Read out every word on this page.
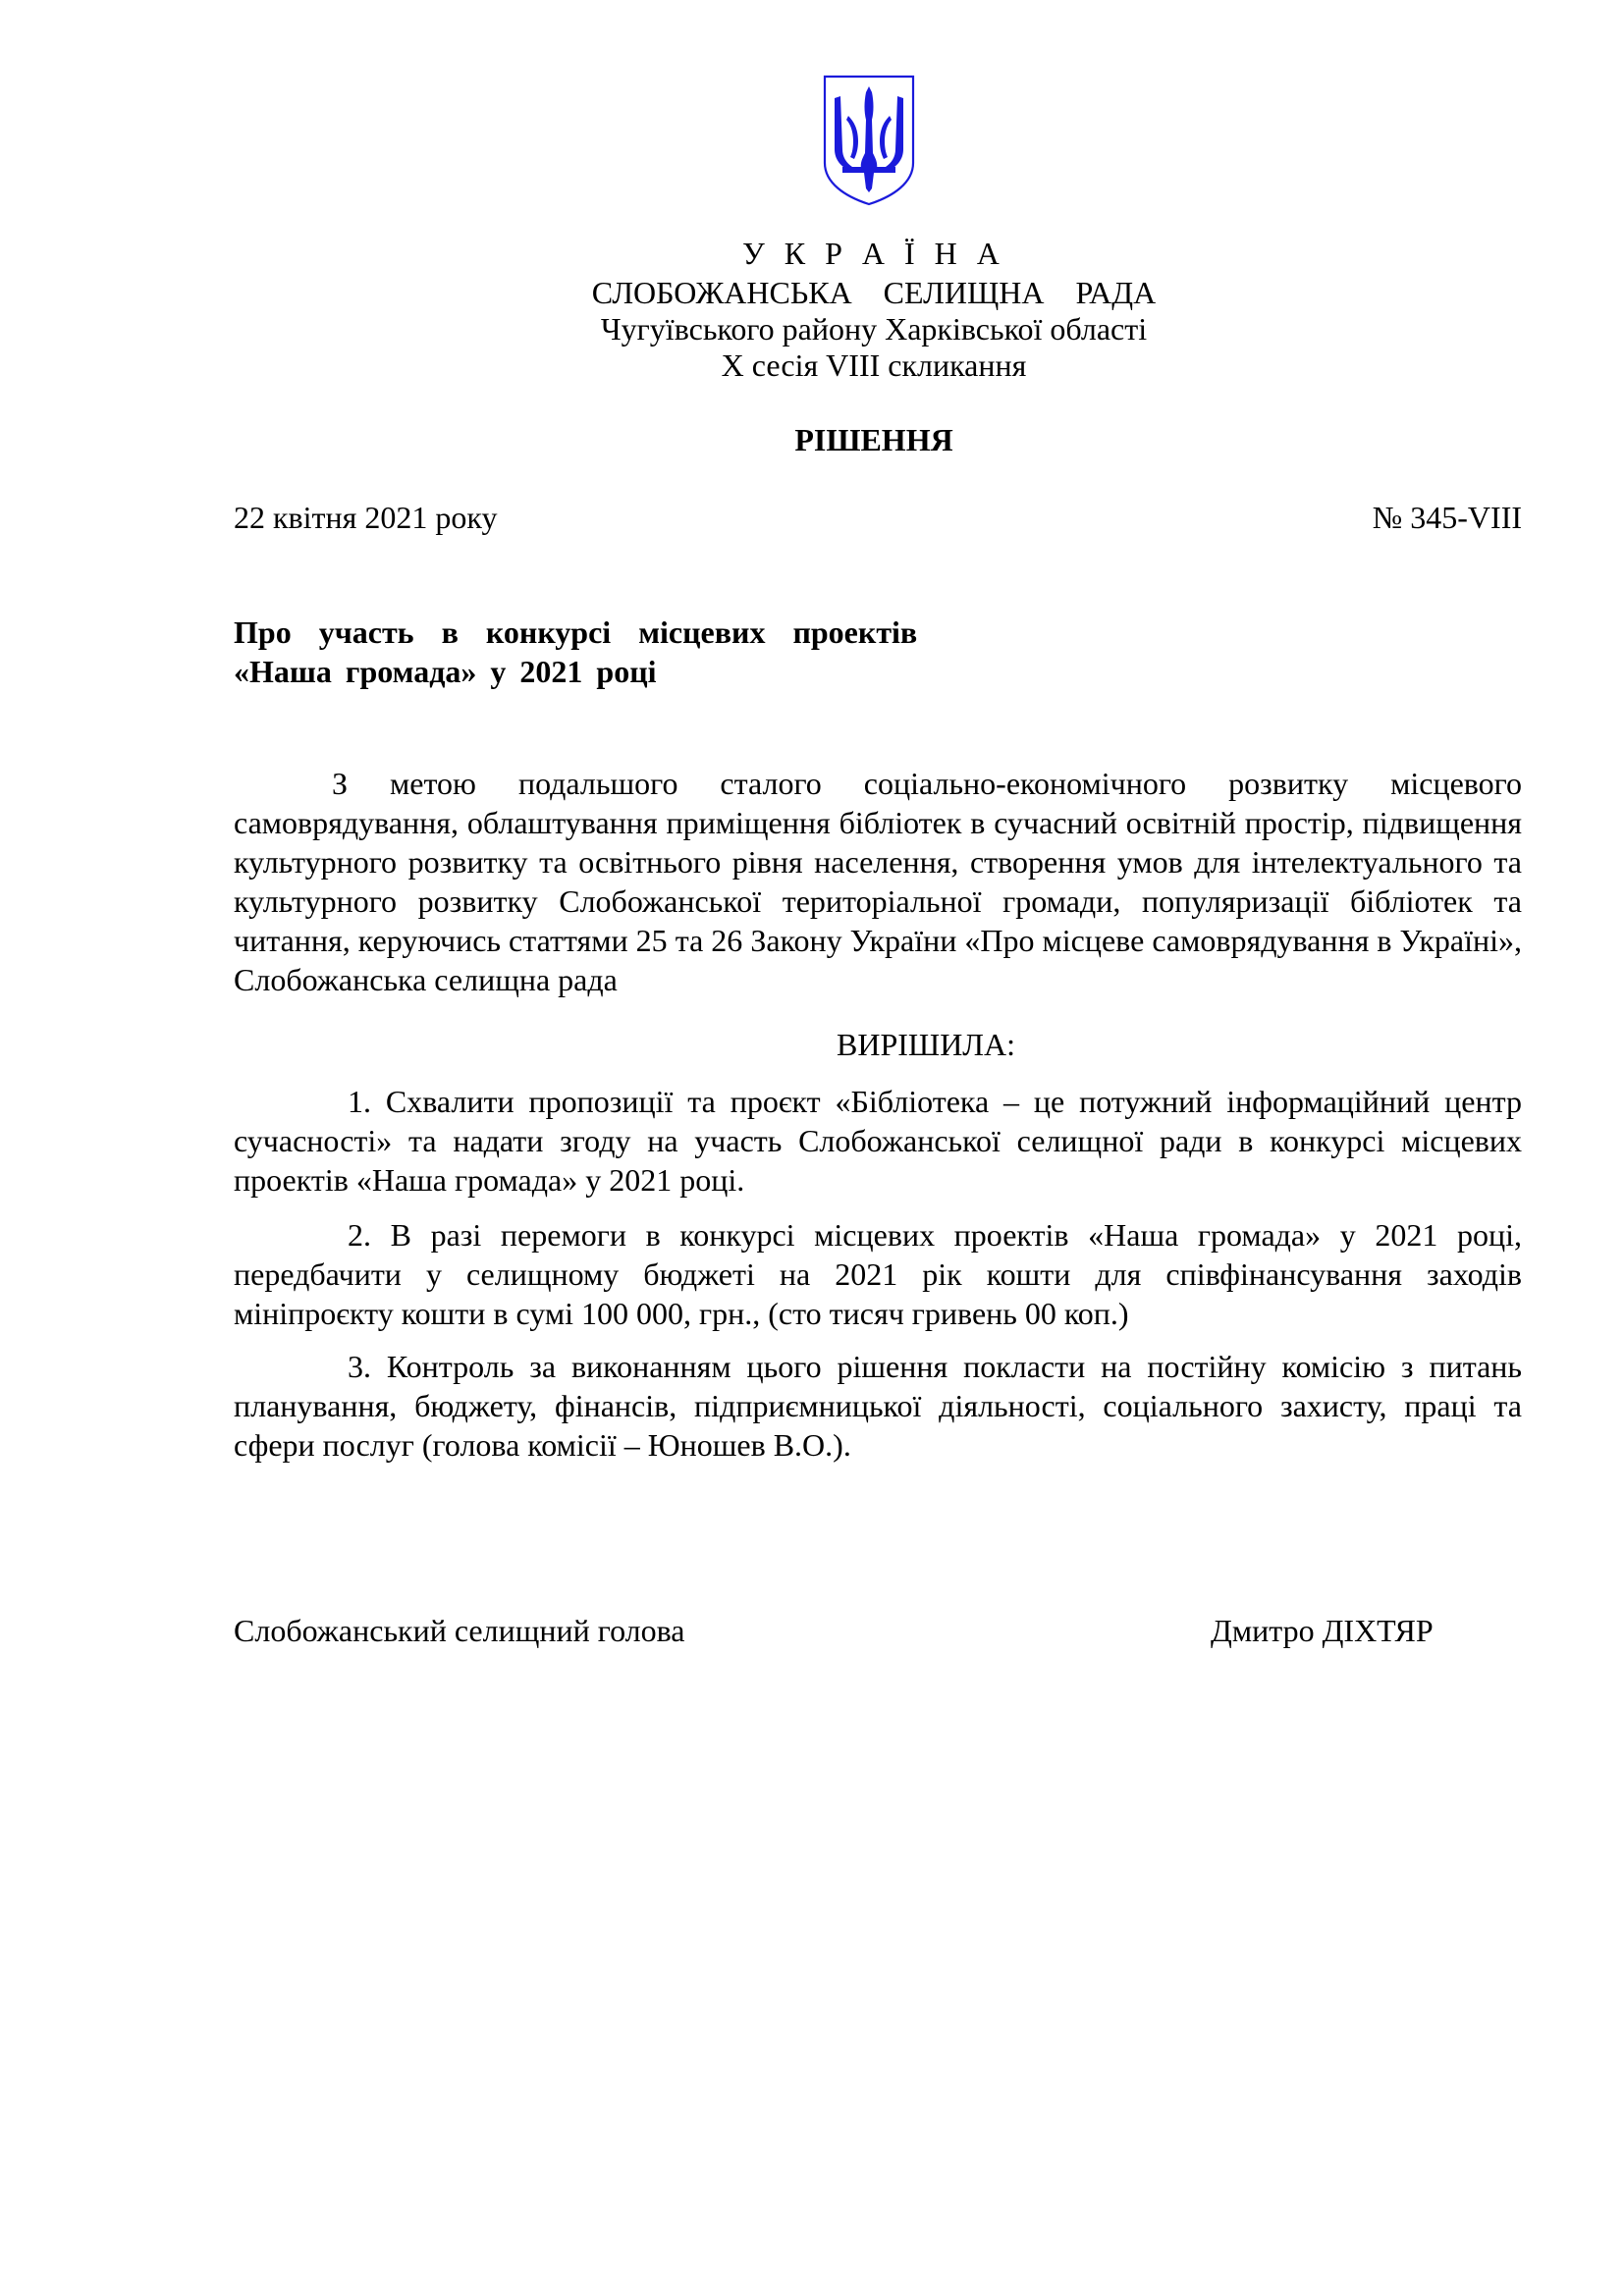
У К Р А Ї Н А
СЛОБОЖАНСЬКА  СЕЛИЩНА  РАДА
Чугуївського району Харківської області
X сесія VIII скликання
РІШЕННЯ
22 квітня 2021 року	№ 345-VIII
Про  участь  в  конкурсі  місцевих  проектів
«Наша громада» у 2021 році
З метою подальшого сталого соціально-економічного розвитку місцевого самоврядування, облаштування приміщення бібліотек в сучасний освітній простір, підвищення культурного розвитку та освітнього рівня населення, створення умов для інтелектуального та культурного розвитку Слобожанської територіальної громади, популяризації бібліотек та читання, керуючись статтями 25 та 26 Закону України «Про місцеве самоврядування в Україні», Слобожанська селищна рада
ВИРІШИЛА:
1. Схвалити пропозиції та проєкт «Бібліотека – це потужний інформаційний центр сучасності» та надати згоду на участь Слобожанської селищної ради в конкурсі місцевих проектів «Наша громада» у 2021 році.
2. В разі перемоги в конкурсі місцевих проектів «Наша громада» у 2021 році, передбачити у селищному бюджеті на 2021 рік кошти для співфінансування заходів мініпроєкту кошти в сумі 100 000, грн., (сто тисяч гривень 00 коп.)
3. Контроль за виконанням цього рішення покласти на постійну комісію з питань планування, бюджету, фінансів, підприємницької діяльності, соціального захисту, праці та сфери послуг (голова комісії – Юношев В.О.).
Слобожанський селищний голова	Дмитро ДІХТЯР
